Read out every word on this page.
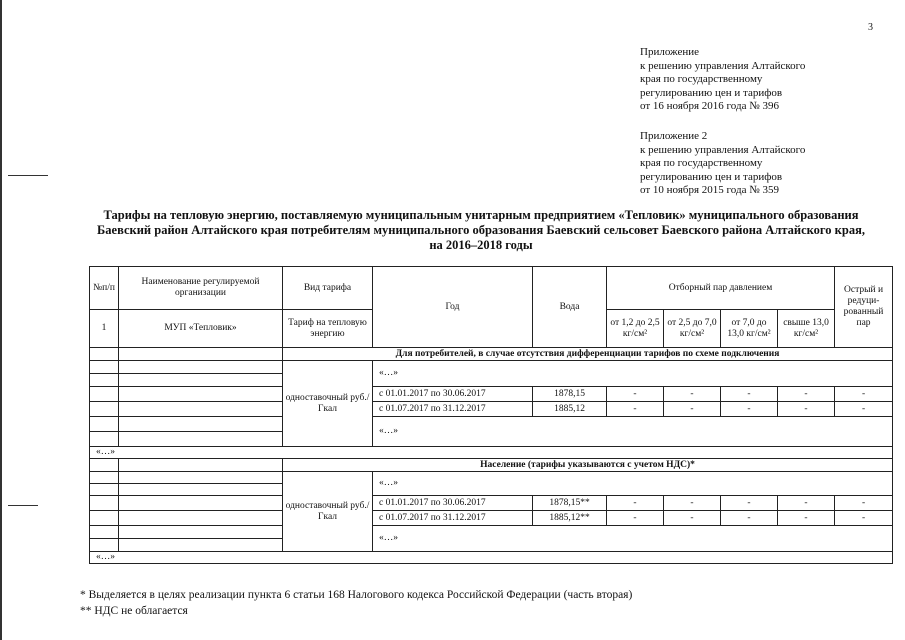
3
Приложение
к решению управления Алтайского
края по государственному
регулированию цен и тарифов
от 16 ноября 2016 года № 396
Приложение 2
к решению управления Алтайского
края по государственному
регулированию цен и тарифов
от 10 ноября 2015 года № 359
Тарифы на тепловую энергию, поставляемую муниципальным унитарным предприятием «Тепловик» муниципального образования
Баевский район Алтайского края потребителям муниципального образования Баевский сельсовет Баевского района Алтайского края,
на 2016–2018 годы
№п/п	Наименование регулируемой организации	Вид тарифа	Год	Вода	Отборный пар давлением				Острый и редуци-рованный пар
1	МУП «Тепловик»	Тариф на тепловую энергию			от 1,2 до 2,5 кг/см²	от 2,5 до 7,0 кг/см²	от 7,0 до 13,0 кг/см²	свыше 13,0 кг/см²	
		Для потребителей, в случае отсутствия дифференциации тарифов по схеме подключения							
		одноставочный руб./Гкал	«…»						

			с 01.01.2017 по 30.06.2017	1878,15	-	-	-	-	-
			с 01.07.2017 по 31.12.2017	1885,12	-	-	-	-	-
			«…»						

«…»									
		Население (тарифы указываются с учетом НДС)*							
		одноставочный руб./Гкал	«…»						

			с 01.01.2017 по 30.06.2017	1878,15**	-	-	-	-	-
			с 01.07.2017 по 31.12.2017	1885,12**	-	-	-	-	-
			«…»						

«…»									
* Выделяется в целях реализации пункта 6 статьи 168 Налогового кодекса Российской Федерации (часть вторая)
** НДС не облагается
